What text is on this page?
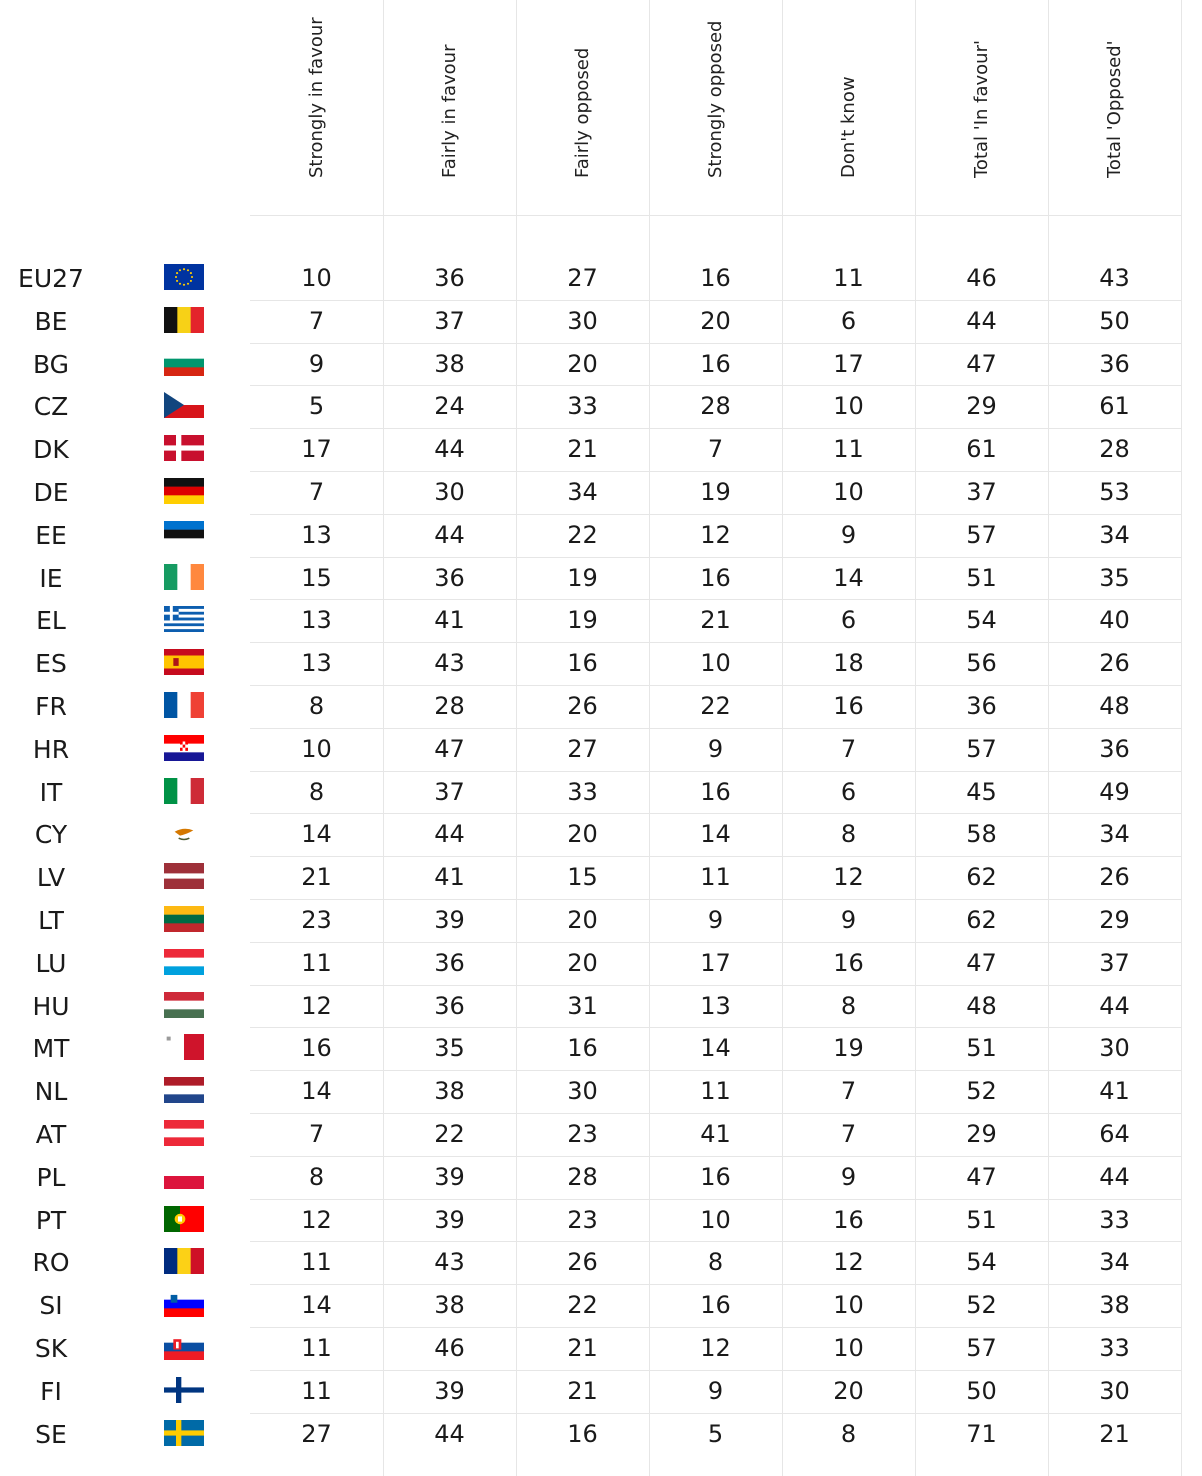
Strongly in favour	Fairly in favour	Fairly opposed	Strongly opposed	Don't know	Total 'In favour'	Total 'Opposed'
EU27	10	36	27	16	11	46	43
BE	7	37	30	20	6	44	50
BG	9	38	20	16	17	47	36
CZ	5	24	33	28	10	29	61
DK	17	44	21	7	11	61	28
DE	7	30	34	19	10	37	53
EE	13	44	22	12	9	57	34
IE	15	36	19	16	14	51	35
EL	13	41	19	21	6	54	40
ES	13	43	16	10	18	56	26
FR	8	28	26	22	16	36	48
HR	10	47	27	9	7	57	36
IT	8	37	33	16	6	45	49
CY	14	44	20	14	8	58	34
LV	21	41	15	11	12	62	26
LT	23	39	20	9	9	62	29
LU	11	36	20	17	16	47	37
HU	12	36	31	13	8	48	44
MT	16	35	16	14	19	51	30
NL	14	38	30	11	7	52	41
AT	7	22	23	41	7	29	64
PL	8	39	28	16	9	47	44
PT	12	39	23	10	16	51	33
RO	11	43	26	8	12	54	34
SI	14	38	22	16	10	52	38
SK	11	46	21	12	10	57	33
FI	11	39	21	9	20	50	30
SE	27	44	16	5	8	71	21
